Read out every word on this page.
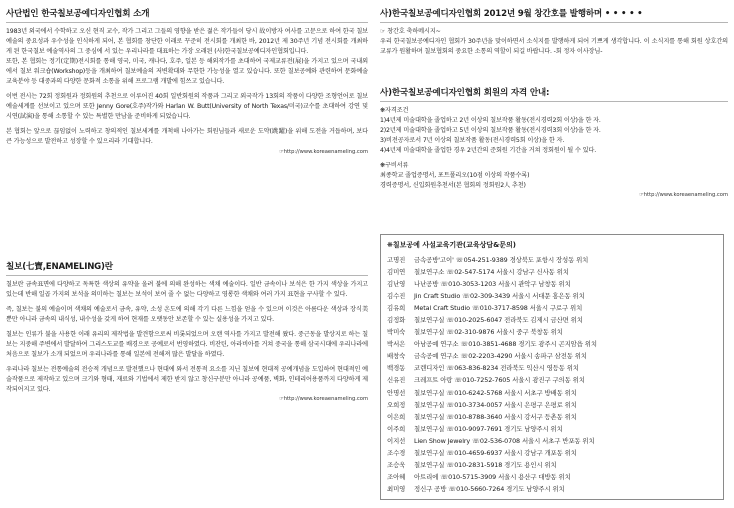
사단법인 한국칠보공예디자인협회 소개

1983년 외국에서 수학하고 오신 현직 교수, 작가 그리고 그들의 영향을 받은 젊은 작가들이 당시 故이방자 여사를 고문으로 하여 한국 칠보예술의 중요성과 우수성을 인식하게 되어, 본 협회를 창단한 이래로 꾸준히 전시회를 개최한 바, 2012년 제 30주년 기념 전시회를 개최하게 된 한국칠보 예술역사의 그 중심에 서 있는 우리나라를 대표하는 가장 오래된 (사)한국칠보공예디자인협회입니다.

또한, 본 협회는 정기(定期)전시회를 통해 영국, 미국, 캐나다, 호주, 일본 등 해외작가를 초대하여 국제교류전(展)을 가지고 있으며 국내외에서 칠보 워크숍(Workshop)등을 개최하여 칠보예술의 저변확대와 무한한 가능성을 열고 있습니다. 또한 칠보공예와 관련하여 문화예술교육분야 등 대중과의 다양한 문화적 소통을 위해 프로그램 개발에 힘쓰고 있습니다.

이번 전시는 72회 정회원과 정회원의 추천으로 이루어진 40회 일반회원의 작품과 그리고 외국작가 13회의 작품이 다양한 조형언어로 칠보예술세계를 선보이고 있으며 또한 Jenny Gore(호주)작가와 Harlan W. Butt(University of North Texas/미국)교수를 초대하여 강연 및 시연(試演)을 통해 소통할 수 있는 특별한 만남을 준비하게 되었습니다.

본 협회는 앞으로 끊임없이 노력하고 창의적인 칠보세계를 개척해 나아가는 회원님들과 새로운 도약(跳躍)을 위해 도전을 거듭하며, 보다 큰 가능성으로 발전하고 성장할 수 있으리라 기대합니다.

☞http://www.koreaenameling.com
칠보(七寶,ENAMELING)란

칠보란 금속표면에 다양하고 독특한 색상의 유약을 올려 불에 의해 완성하는 색채 예술이다. 일반 금속이나 보석은 한 가지 색상을 가지고 있는데 반해 일곱 가지의 보석을 의미하는 칠보는 보석이 보여 줄 수 없는 다양하고 영롱한 색채와 여러 가지 표현을 구사할 수 있다.

즉, 칠보는 불의 예술이며 색채의 예술로서 금속, 유약, 소성 온도에 의해 각기 다른 느낌을 얻을 수 있으며 이것은 아름다운 색상과 장식美 뿐만 아니라 금속의 내식성, 내수성을 갖게 하여 현재를 오랫동안 보존할 수 있는 실용성을 가지고 있다.

칠보는 인류가 불을 사용한 이래 유리의 제작법을 발견함으로써 비롯되었으며 오랜 역사를 가지고 발전해 왔다. 중근동을 발상지로 하는 칠보는 지중해 주변에서 발달하여 그리스도교를 배경으로 공예로서 번영하였다. 비잔틴, 아라비아를 거쳐 중국을 통해 삼국시대에 우리나라에 처음으로 칠보가 소개 되었으며 우리나라를 통해 일본에 전해져 많은 발달을 하였다.

우리나라 칠보는 전통예술의 전승적 개념으로 발전했으나 현대에 와서 전통적 요소를 지닌 칠보에 현대적 공예개념을 도입하여 현대적인 예술작품으로 제작하고 있으며 크기와 형태, 재료와 기법에서 제한 받지 않고 창신구분만 아니라 공예품, 벽화, 인테리어용품까지 다양하게 제작되어지고 있다.

☞http://www.koreaenameling.com
사)한국칠보공예디자인협회 2012년 9월 창간호를 발행하며 • • • • •

☞ 창간호 축하메시지~

우리 한국칠보공예디자인 협회가 30주년을 맞이하면서 소식지를 발행하게 되어 기쁘게 생각합니다. 이 소식지를 통해 회원 상호간의 교류가 원활하며 칠보협회의 중요한 소통의 역할이 되길 바랍니다. -회 정자 이사장님-

사)한국칠보공예디자인협회 회원의 자격 안내:

❋자격조건

1)4년제 미술대학을 졸업하고 2년 이상의 칠보작품 활동(전시경력2회 이상)을 한 자.

2)2년제 미술대학을 졸업하고 5년 이상의 칠보작품 활동(전시경력3회 이상)을 한 자.

3)비전공자로서 7년 이상의 칠보작품 활동(전시경력5회 이상)을 한 자.

4)4년제 미술대학을 졸업한 경우 2년간의 준회원 기간을 거쳐 정회원이 될 수 있다.

❋구비서류

최종학교 졸업증명서, 포트폴리오(10점 이상의 작품수록)

경력증명서, 신입회원추천서(본 협회의 정회원2人 추천)

☞http://www.koreaenameling.com
❋칠보공예 사설교육기관(교육상담&문의)
고명진 금속공방'고이' ☏054-251-9389 경상북도 포항시 장성동 위치
김미연 칠보연구소 ☏02-547-5174 서울시 강남구 신사동 위치
김난영 나난공방 ☏010-3053-1203 서울시 관악구 남창동 위치
김수진 Jin Craft Studio ☏02-309-3439 서울시 서대문 홍은동 위치
김유희 Metal Craft Studio ☏010-3717-8598 서울시 구로구 위치
김정화 칠보연구실 ☏010-2025-6047 전라북도 김제시 금산면 위치
박미숙 칠보연구실 ☏02-310-9876 서울시 중구 북창동 위치
박서은 아남공예 연구소 ☏010-3851-4688 경기도 광주시 곤지암읍 위치
배창숙 금속공예 연구소 ☏02-2203-4290 서울시 송파구 삼전동 위치
백경동 코렌디자인 ☏063-836-8234 전라북도 익산시 영등동 위치
신유진 크레프트 아랑 ☏010-7252-7605 서울시 광진구 구의동 위치
안명선 칠보연구실 ☏010-6242-5768 서울시 서초구 방배동 위치
오희정 칠보연구실 ☏010-3734-0057 서울시 은평구 은평로 위치
이은희 칠보연구실 ☏010-8788-3640 서울시 강서구 등촌동 위치
이주희 칠보연구실 ☏010-9097-7691 경기도 남양주시 위치
이지선 Lien Show Jewelry ☏02-536-0708 서울시 서초구 반포동 위치
조수경 칠보연구실 ☏010-4659-6937 서울시 강남구 개포동 위치
조승욱 칠보연구실 ☏010-2831-5918 경기도 용인시 위치
조아혜 아트리에 ☏010-5715-3909 서울시 용산구 대방동 위치
최미영 정신구 공방 ☏010-5660-7264 경기도 남양주시 위치
